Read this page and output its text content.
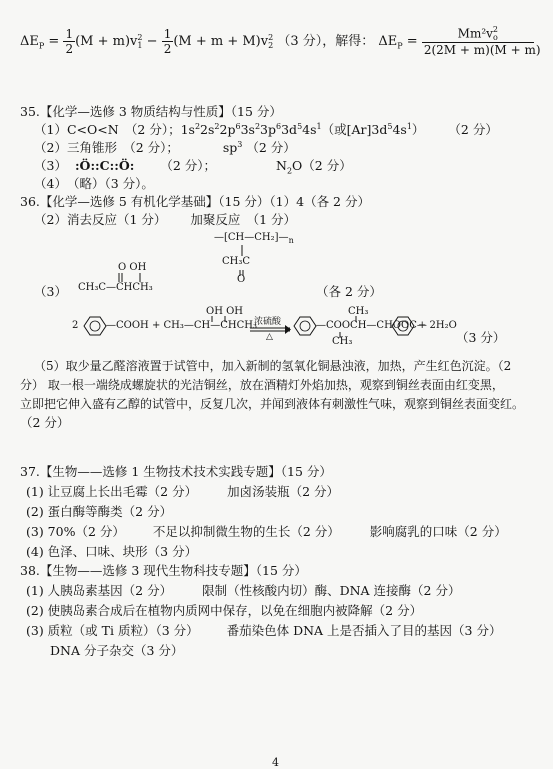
$\Delta E_P = \frac{1}{2} (M + m)v$ 2
$1 - \frac{1}{2} (M + m + M)v$ 2
2 （3 分），解得： $\Delta E_P = Mm^2v$ 2
o
2(2M + m)(M + m)
35.【化学—选修 3 物质结构与性质】（15 分）
（1）C<O<N　（2 分）；$1s^22s^22p^63s^23p^63d^54s^1$（或$[Ar]3d^54s^1$） （2 分）
（2）三角锥形　（2 分）；	$sp^3$ （2 分）
（3） :Ö::C::Ö: （2 分）；	$N_2O(2$ 分）
（4）　（略）（3 分）。
36.【化学—选修 5 有机化学基础】（15 分）（1）4（各 2 分）
（2）消去反应（1 分） 加聚反应　（1 分）
$—[CH—CH_2]—_n$
CH₃C
O
（3）
O OH
CH₃C—CHCH₃	（各 2 分）
2	—COOH + CH₃—CH—CHCH₃
OH OH
浓硫酸
△
—COOCH—CHOOC—
CH₃
CH₃
+ 2H₂O
（3 分）
（5）取少量乙醛溶液置于试管中，加入新制的氢氧化铜悬浊液，加热，产生红色沉淀。（2
分） 取一根一端绕成螺旋状的光洁铜丝，放在酒精灯外焰加热，观察到铜丝表面由红变黑，
立即把它伸入盛有乙醇的试管中，反复几次，并闻到液体有刺激性气味，观察到铜丝表面变红。
（2 分）
37.【生物——选修 1 生物技术技术实践专题】（15 分）
(1) 让豆腐上长出毛霉（2 分） 加卤汤装瓶（2 分）
(2) 蛋白酶等酶类（2 分）
(3) 70%（2 分） 不足以抑制微生物的生长（2 分） 影响腐乳的口味（2 分）
(4) 色泽、口味、块形（3 分）
38.【生物——选修 3 现代生物科技专题】（15 分）
(1) 人胰岛素基因（2 分） 限制（性核酸内切）酶、DNA 连接酶（2 分）
(2) 使胰岛素合成后在植物内质网中保存，以免在细胞内被降解（2 分）
(3) 质粒（或 Ti 质粒）（3 分） 番茄染色体 DNA 上是否插入了目的基因（3 分）
DNA 分子杂交（3 分）
4
